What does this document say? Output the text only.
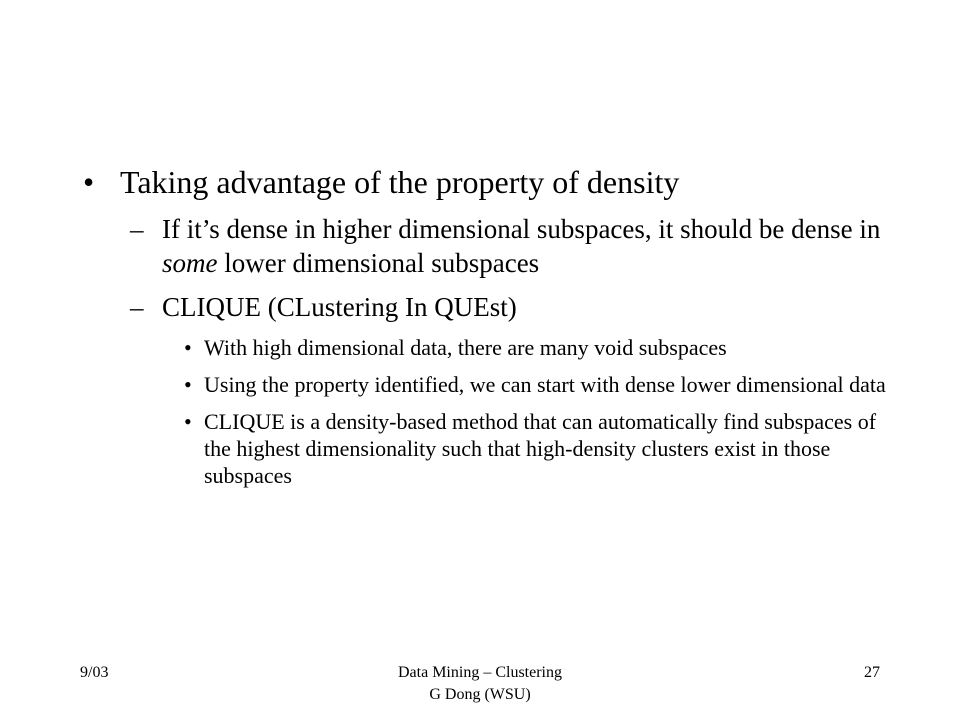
• Taking advantage of the property of density
– If it’s dense in higher dimensional subspaces, it should be dense in some lower dimensional subspaces
– CLIQUE (CLustering In QUEst)
• With high dimensional data, there are many void subspaces
• Using the property identified, we can start with dense lower dimensional data
• CLIQUE is a density-based method that can automatically find subspaces of the highest dimensionality such that high-density clusters exist in those subspaces
9/03	Data Mining – Clustering
G Dong (WSU)
27
